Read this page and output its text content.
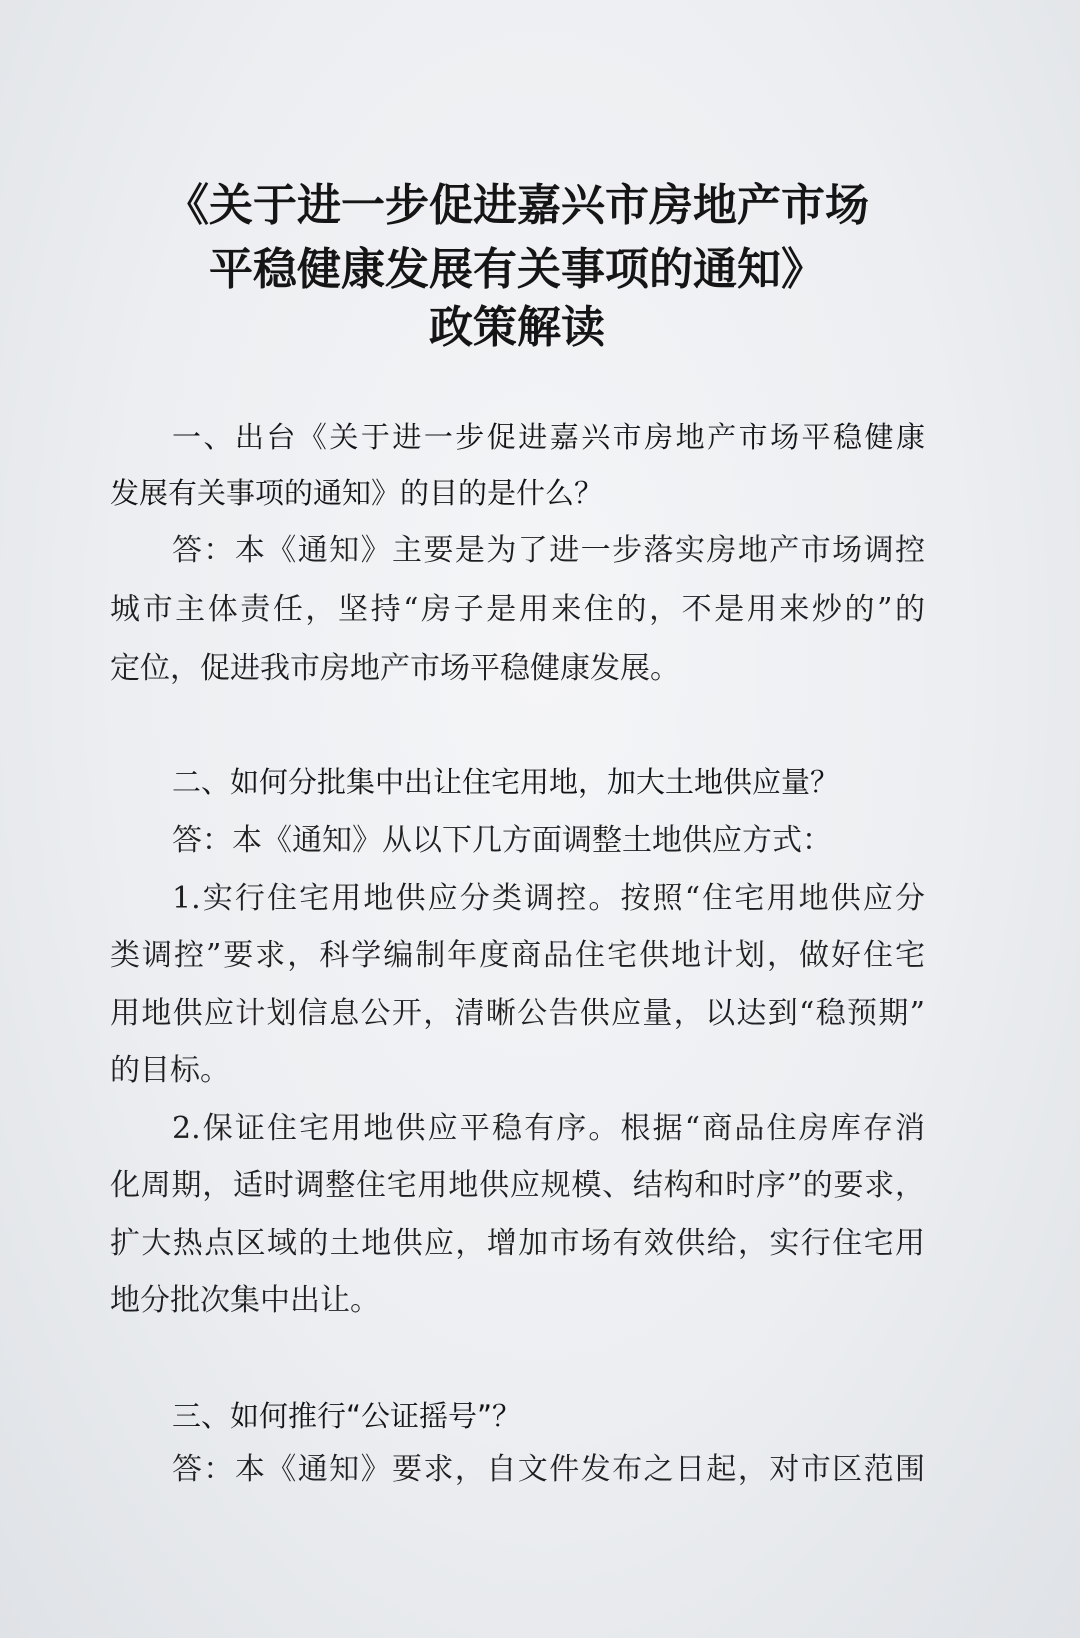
《关于进一步促进嘉兴市房地产市场
平稳健康发展有关事项的通知》
政策解读
一、出台《关于进一步促进嘉兴市房地产市场平稳健康
发展有关事项的通知》的目的是什么？
答：本《通知》主要是为了进一步落实房地产市场调控
城市主体责任，坚持“房子是用来住的，不是用来炒的”的
定位，促进我市房地产市场平稳健康发展。
二、如何分批集中出让住宅用地，加大土地供应量？
答：本《通知》从以下几方面调整土地供应方式：
1.实行住宅用地供应分类调控。按照“住宅用地供应分
类调控”要求，科学编制年度商品住宅供地计划，做好住宅
用地供应计划信息公开，清晰公告供应量，以达到“稳预期”
的目标。
2.保证住宅用地供应平稳有序。根据“商品住房库存消
化周期，适时调整住宅用地供应规模、结构和时序”的要求，
扩大热点区域的土地供应，增加市场有效供给，实行住宅用
地分批次集中出让。
三、如何推行“公证摇号”？
答：本《通知》要求，自文件发布之日起，对市区范围
